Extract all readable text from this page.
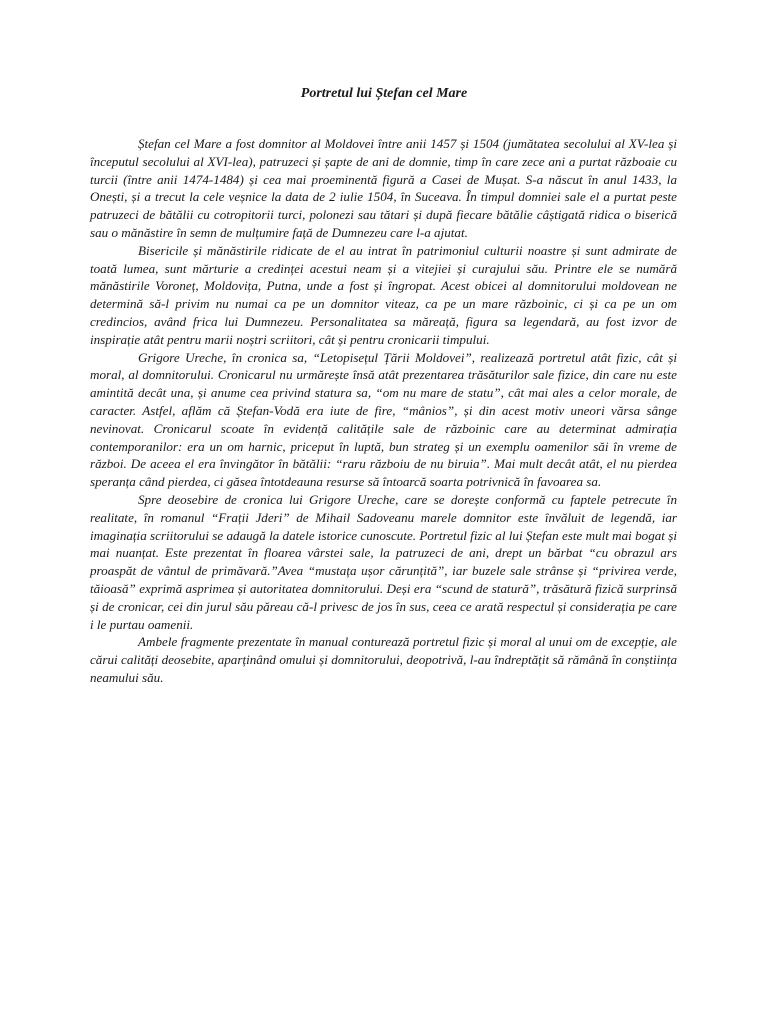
Portretul lui Ștefan cel Mare

Ștefan cel Mare a fost domnitor al Moldovei între anii 1457 și 1504 (jumătatea secolului al XV-lea și începutul secolului al XVI-lea), patruzeci și șapte de ani de domnie, timp în care zece ani a purtat războaie cu turcii (între anii 1474-1484) și cea mai proeminentă figură a Casei de Mușat. S-a născut în anul 1433, la Onești, și a trecut la cele veșnice la data de 2 iulie 1504, în Suceava. În timpul domniei sale el a purtat peste patruzeci de bătălii cu cotropitorii turci, polonezi sau tătari și după fiecare bătălie câștigată ridica o biserică sau o mănăstire în semn de mulțumire față de Dumnezeu care l-a ajutat.

Bisericile și mănăstirile ridicate de el au intrat în patrimoniul culturii noastre și sunt admirate de toată lumea, sunt mărturie a credinței acestui neam și a vitejiei și curajului său. Printre ele se numără mănăstirile Voroneț, Moldovița, Putna, unde a fost și îngropat. Acest obicei al domnitorului moldovean ne determină să-l privim nu numai ca pe un domnitor viteaz, ca pe un mare războinic, ci și ca pe un om credincios, având frica lui Dumnezeu. Personalitatea sa măreață, figura sa legendară, au fost izvor de inspirație atât pentru marii noștri scriitori, cât și pentru cronicarii timpului.

Grigore Ureche, în cronica sa, “Letopisețul Țării Moldovei”, realizează portretul atât fizic, cât și moral, al domnitorului. Cronicarul nu urmărește însă atât prezentarea trăsăturilor sale fizice, din care nu este amintită decât una, și anume cea privind statura sa, “om nu mare de statu”, cât mai ales a celor morale, de caracter. Astfel, aflăm că Ștefan-Vodă era iute de fire, “mânios”, și din acest motiv uneori vărsa sânge nevinovat. Cronicarul scoate în evidență calitățile sale de războinic care au determinat admirația contemporanilor: era un om harnic, priceput în luptă, bun strateg și un exemplu oamenilor săi în vreme de război. De aceea el era învingător în bătălii: “raru războiu de nu biruia”. Mai mult decât atât, el nu pierdea speranța când pierdea, ci găsea întotdeauna resurse să întoarcă soarta potrivnică în favoarea sa.

Spre deosebire de cronica lui Grigore Ureche, care se dorește conformă cu faptele petrecute în realitate, în romanul “Frații Jderi” de Mihail Sadoveanu marele domnitor este învăluit de legendă, iar imaginația scriitorului se adaugă la datele istorice cunoscute. Portretul fizic al lui Ștefan este mult mai bogat și mai nuanțat. Este prezentat în floarea vârstei sale, la patruzeci de ani, drept un bărbat “cu obrazul ars proaspăt de vântul de primăvară.”Avea “mustața ușor cărunțită”, iar buzele sale strânse și “privirea verde, tăioasă” exprimă asprimea și autoritatea domnitorului. Deși era “scund de statură”, trăsătură fizică surprinsă și de cronicar, cei din jurul său păreau că-l privesc de jos în sus, ceea ce arată respectul și considerația pe care i le purtau oamenii.

Ambele fragmente prezentate în manual conturează portretul fizic și moral al unui om de excepție, ale cărui calități deosebite, aparținând omului și domnitorului, deopotrivă, l-au îndreptățit să rămână în conștiința neamului său.
